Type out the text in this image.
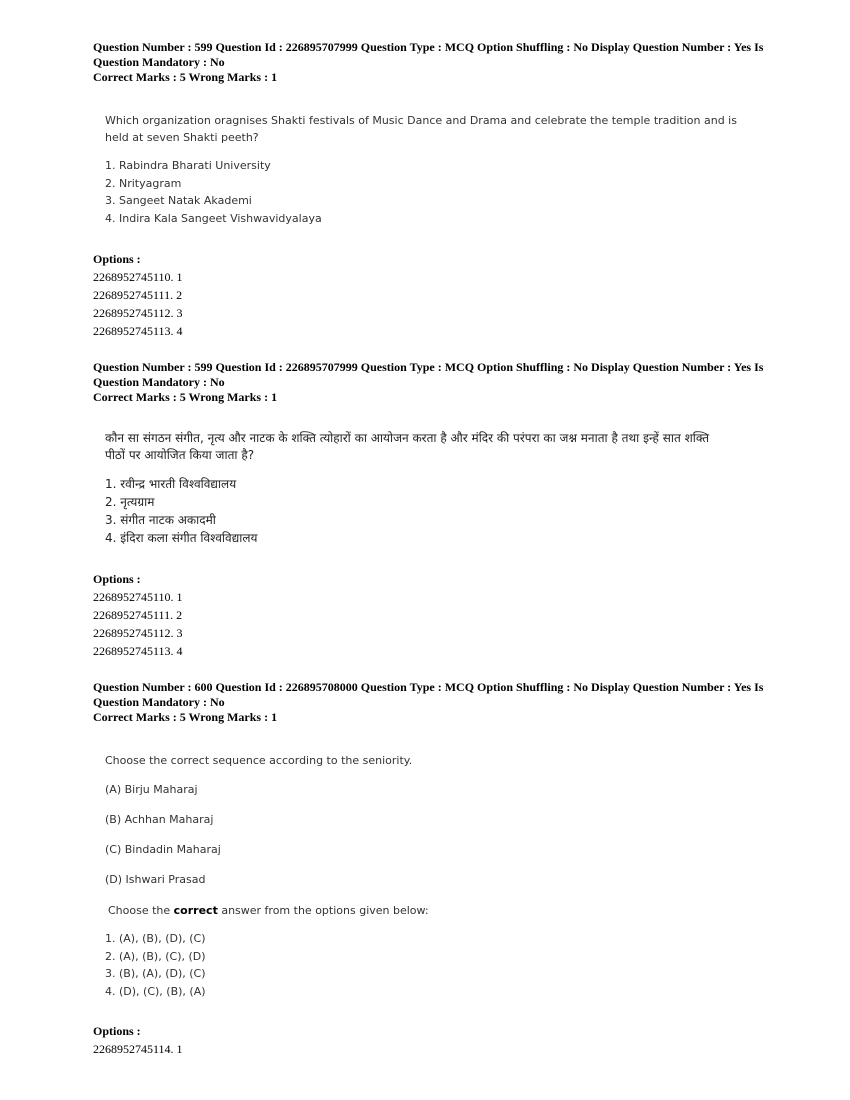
Question Number : 599 Question Id : 226895707999 Question Type : MCQ Option Shuffling : No Display Question Number : Yes Is
Question Mandatory : No
Correct Marks : 5 Wrong Marks : 1
Which organization oragnises Shakti festivals of Music Dance and Drama and celebrate the temple tradition and is
held at seven Shakti peeth?
1. Rabindra Bharati University
2. Nrityagram
3. Sangeet Natak Akademi
4. Indira Kala Sangeet Vishwavidyalaya
Options :
2268952745110. 1
2268952745111. 2
2268952745112. 3
2268952745113. 4
Question Number : 599 Question Id : 226895707999 Question Type : MCQ Option Shuffling : No Display Question Number : Yes Is
Question Mandatory : No
Correct Marks : 5 Wrong Marks : 1
कौन सा संगठन संगीत, नृत्य और नाटक के शक्ति त्योहारों का आयोजन करता है और मंदिर की परंपरा का जश्न मनाता है तथा इन्हें सात शक्ति
पीठों पर आयोजित किया जाता है?
1. रवीन्द्र भारती विश्वविद्यालय
2. नृत्यग्राम
3. संगीत नाटक अकादमी
4. इंदिरा कला संगीत विश्वविद्यालय
Options :
2268952745110. 1
2268952745111. 2
2268952745112. 3
2268952745113. 4
Question Number : 600 Question Id : 226895708000 Question Type : MCQ Option Shuffling : No Display Question Number : Yes Is
Question Mandatory : No
Correct Marks : 5 Wrong Marks : 1
Choose the correct sequence according to the seniority.
(A) Birju Maharaj
(B) Achhan Maharaj
(C) Bindadin Maharaj
(D) Ishwari Prasad
Choose the correct answer from the options given below:
1. (A), (B), (D), (C)
2. (A), (B), (C), (D)
3. (B), (A), (D), (C)
4. (D), (C), (B), (A)
Options :
2268952745114. 1
